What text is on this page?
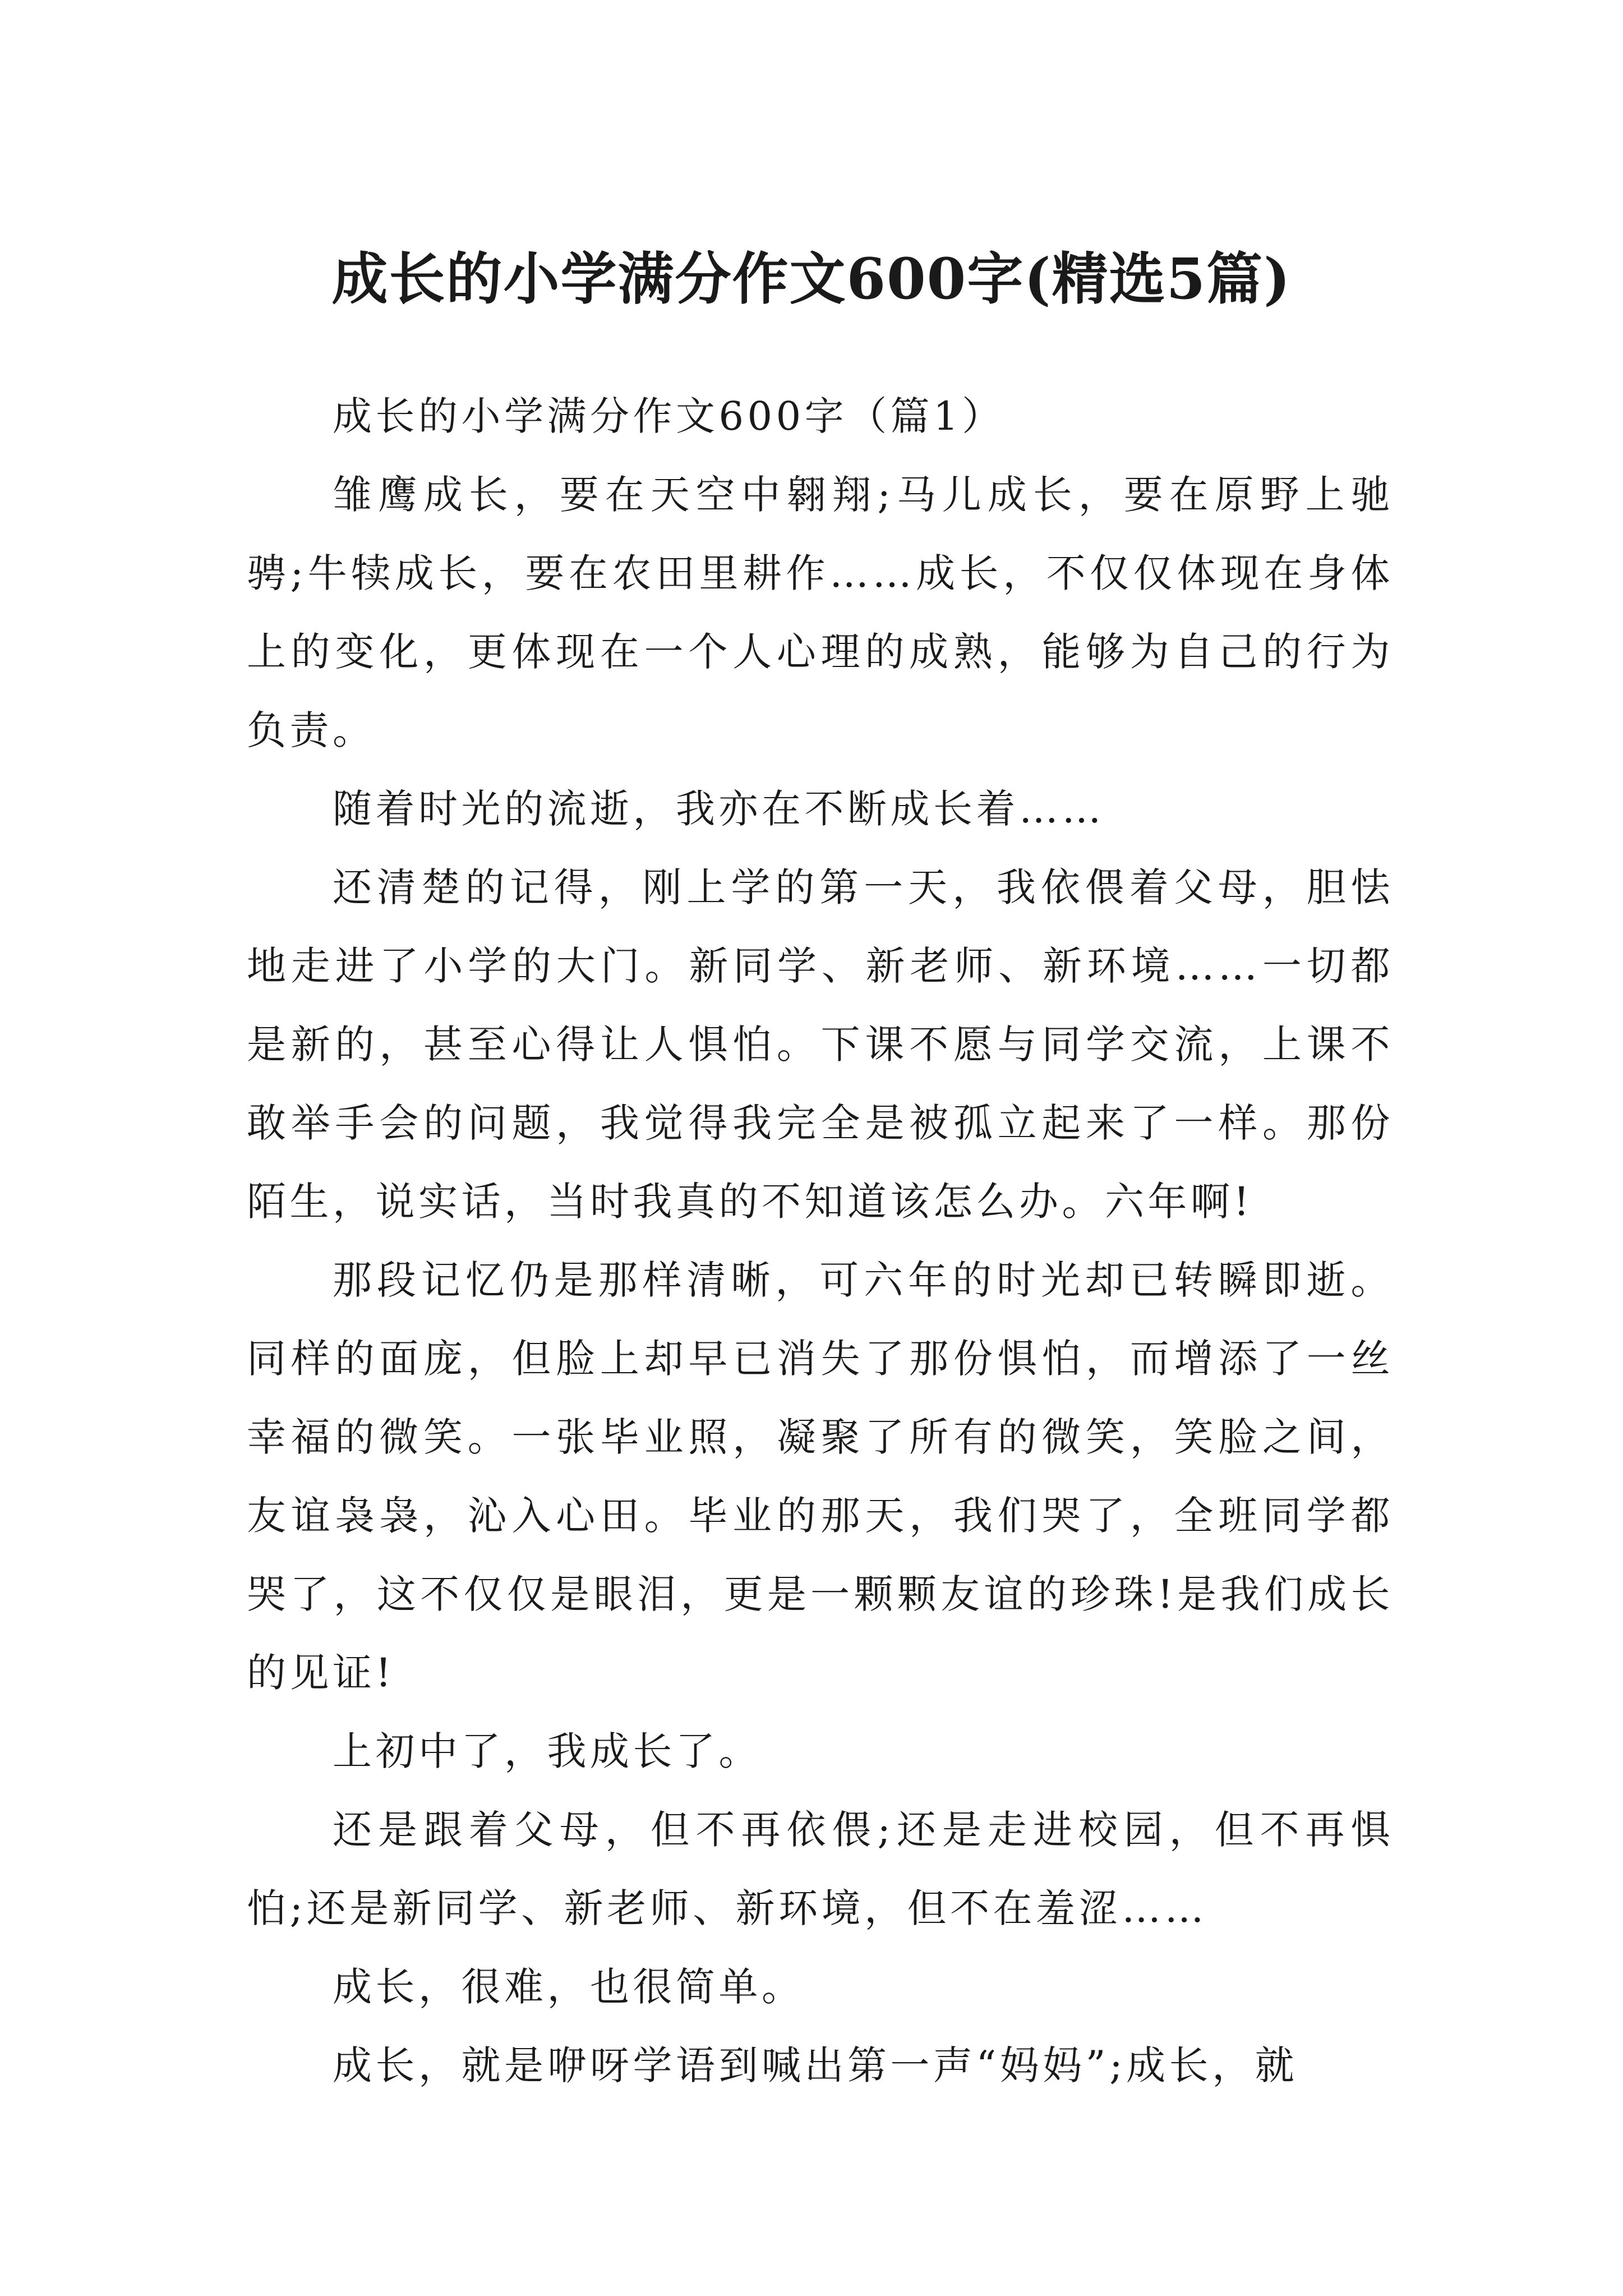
成长的小学满分作文600字(精选5篇)

成长的小学满分作文600字（篇1）

雏鹰成长，要在天空中翱翔;马儿成长，要在原野上驰骋;牛犊成长，要在农田里耕作……成长，不仅仅体现在身体上的变化，更体现在一个人心理的成熟，能够为自己的行为负责。

随着时光的流逝，我亦在不断成长着……

还清楚的记得，刚上学的第一天，我依偎着父母，胆怯地走进了小学的大门。新同学、新老师、新环境……一切都是新的，甚至心得让人惧怕。下课不愿与同学交流，上课不敢举手会的问题，我觉得我完全是被孤立起来了一样。那份陌生，说实话，当时我真的不知道该怎么办。六年啊!

那段记忆仍是那样清晰，可六年的时光却已转瞬即逝。同样的面庞，但脸上却早已消失了那份惧怕，而增添了一丝幸福的微笑。一张毕业照，凝聚了所有的微笑，笑脸之间，友谊袅袅，沁入心田。毕业的那天，我们哭了，全班同学都哭了，这不仅仅是眼泪，更是一颗颗友谊的珍珠!是我们成长的见证!

上初中了，我成长了。

还是跟着父母，但不再依偎;还是走进校园，但不再惧怕;还是新同学、新老师、新环境，但不在羞涩……

成长，很难，也很简单。

成长，就是咿呀学语到喊出第一声“妈妈”;成长，就
